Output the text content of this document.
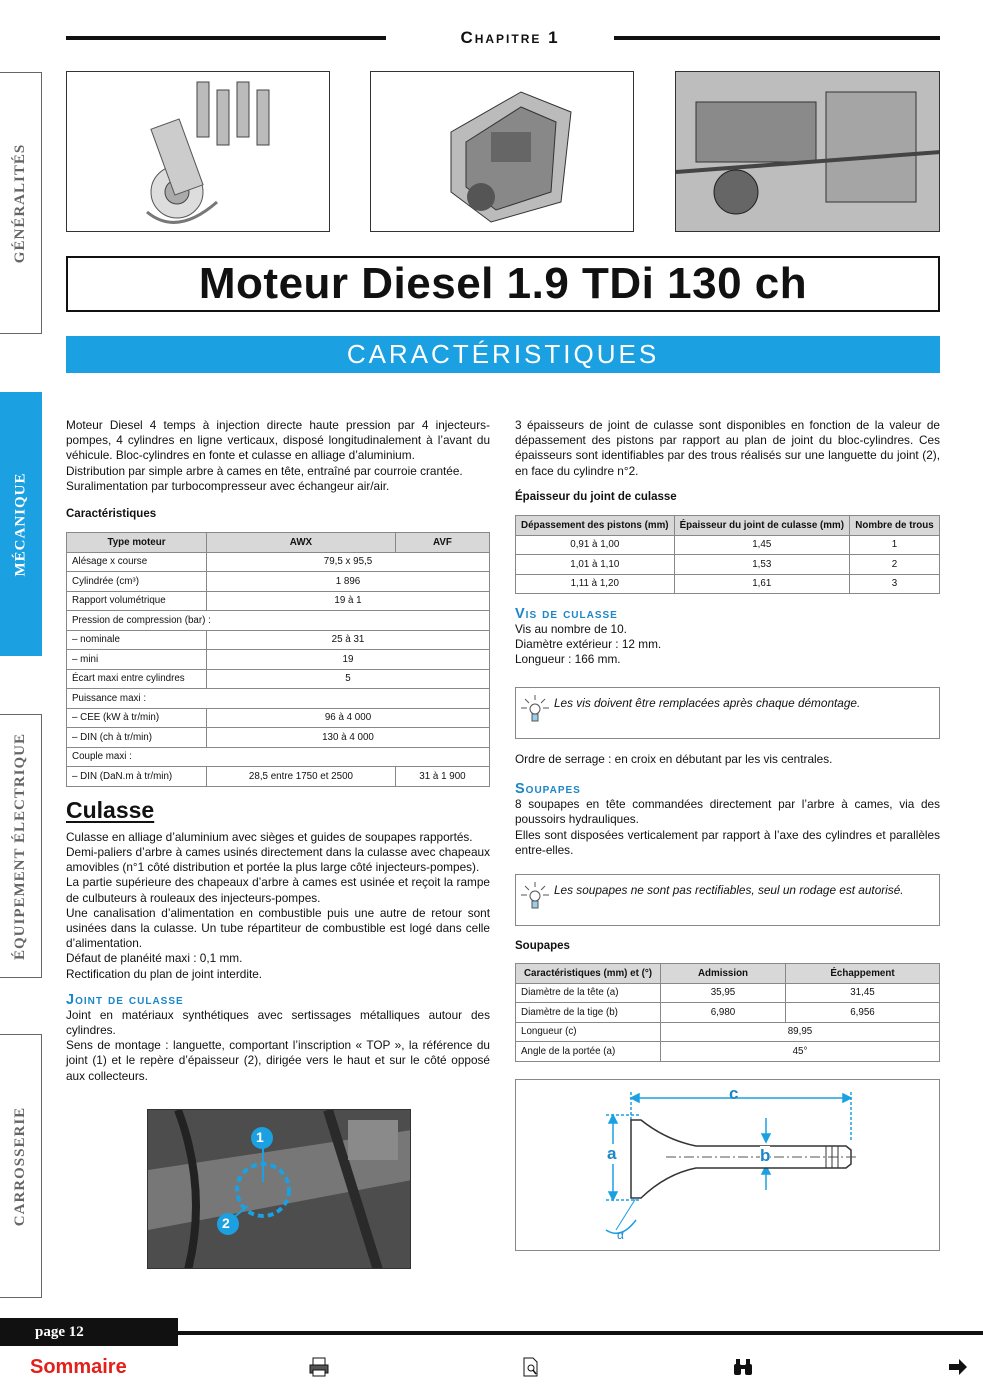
Chapitre 1
GÉNÉRALITÉS
MÉCANIQUE
ÉQUIPEMENT ÉLECTRIQUE
CARROSSERIE
Moteur Diesel 1.9 TDi 130 ch
CARACTÉRISTIQUES
Moteur Diesel 4 temps à injection directe haute pression par 4 injecteurs-pompes, 4 cylindres en ligne verticaux, disposé longitudinalement à l’avant du véhicule. Bloc-cylindres en fonte et culasse en alliage d’aluminium.
Distribution par simple arbre à cames en tête, entraîné par courroie crantée.
Suralimentation par turbocompresseur avec échangeur air/air.
Caractéristiques
Type moteur	AWX	AVF
Alésage x course	79,5 x 95,5	
Cylindrée (cm³)	1 896	
Rapport volumétrique	19 à 1	
Pression de compression (bar) :		
– nominale	25 à 31	
– mini	19	
Écart maxi entre cylindres	5	
Puissance maxi :		
– CEE (kW à tr/min)	96 à 4 000	
– DIN (ch à tr/min)	130 à 4 000	
Couple maxi :		
– DIN (DaN.m à tr/min)	28,5 entre 1750 et 2500	31 à 1 900
Culasse
Culasse en alliage d’aluminium avec sièges et guides de soupapes rapportés.
Demi-paliers d’arbre à cames usinés directement dans la culasse avec chapeaux amovibles (n°1 côté distribution et portée la plus large côté injecteurs-pompes).
La partie supérieure des chapeaux d’arbre à cames est usinée et reçoit la rampe de culbuteurs à rouleaux des injecteurs-pompes.
Une canalisation d’alimentation en combustible puis une autre de retour sont usinées dans la culasse. Un tube répartiteur de combustible est logé dans celle d’alimentation.
Défaut de planéité maxi : 0,1 mm.
Rectification du plan de joint interdite.
Joint de culasse
Joint en matériaux synthétiques avec sertissages métalliques autour des cylindres.
Sens de montage : languette, comportant l’inscription « TOP », la référence du joint (1) et le repère d’épaisseur (2), dirigée vers le haut et sur le côté opposé aux collecteurs.
1
2
3 épaisseurs de joint de culasse sont disponibles en fonction de la valeur de dépassement des pistons par rapport au plan de joint du bloc-cylindres. Ces épaisseurs sont identifiables par des trous réalisés sur une languette du joint (2), en face du cylindre n°2.
Épaisseur du joint de culasse
Dépassement des pistons (mm)	Épaisseur du joint de culasse (mm)	Nombre de trous
0,91 à 1,00	1,45	1
1,01 à 1,10	1,53	2
1,11 à 1,20	1,61	3
Vis de culasse
Vis au nombre de 10.
Diamètre extérieur : 12 mm.
Longueur : 166 mm.
Les vis doivent être remplacées après chaque démontage.
Ordre de serrage : en croix en débutant par les vis centrales.
Soupapes
8 soupapes en tête commandées directement par l’arbre à cames, via des poussoirs hydrauliques.
Elles sont disposées verticalement par rapport à l’axe des cylindres et parallèles entre-elles.
Les soupapes ne sont pas rectifiables, seul un rodage est autorisé.
Soupapes
Caractéristiques (mm) et (°)	Admission	Échappement
Diamètre de la tête (a)	35,95	31,45
Diamètre de la tige (b)	6,980	6,956
Longueur (c)	89,95	
Angle de la portée (a)	45°	
c
a	b
α
page 12
Sommaire
